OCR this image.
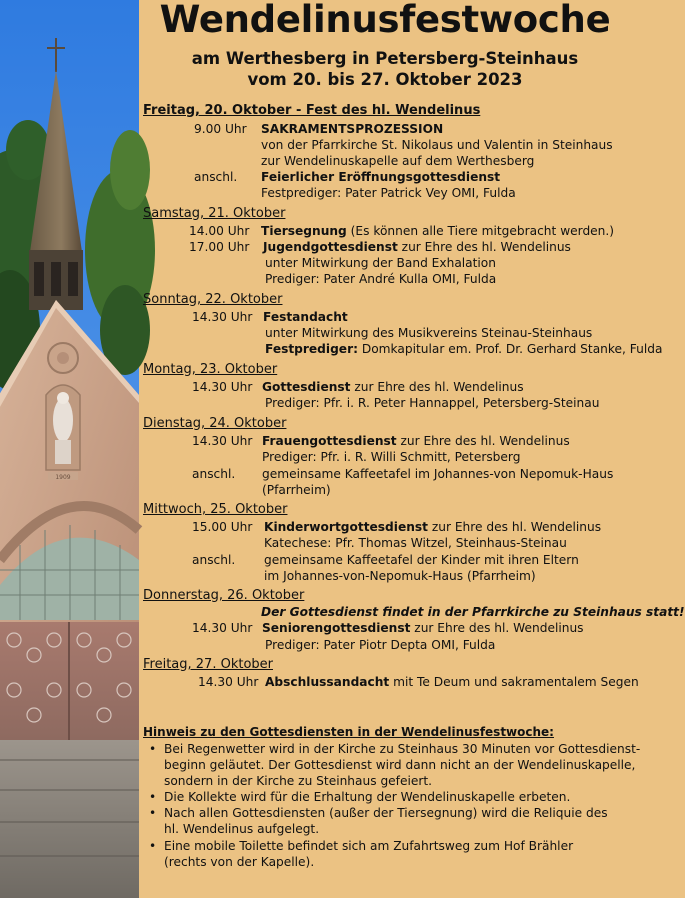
1909
Wendelinusfestwoche
am Werthesberg in Petersberg-Steinhaus
vom 20. bis 27. Oktober 2023
Freitag, 20. Oktober - Fest des hl. Wendelinus
9.00 Uhr SAKRAMENTSPROZESSION
von der Pfarrkirche St. Nikolaus und Valentin in Steinhaus
zur Wendelinuskapelle auf dem Werthesberg
anschl. Feierlicher Eröffnungsgottesdienst
Festprediger: Pater Patrick Vey OMI, Fulda
Samstag, 21. Oktober
14.00 Uhr Tiersegnung (Es können alle Tiere mitgebracht werden.)
17.00 Uhr Jugendgottesdienst zur Ehre des hl. Wendelinus
unter Mitwirkung der Band Exhalation
Prediger: Pater André Kulla OMI, Fulda
Sonntag, 22. Oktober
14.30 Uhr Festandacht
unter Mitwirkung des Musikvereins Steinau-Steinhaus
Festprediger: Domkapitular em. Prof. Dr. Gerhard Stanke, Fulda
Montag, 23. Oktober
14.30 Uhr Gottesdienst zur Ehre des hl. Wendelinus
Prediger: Pfr. i. R. Peter Hannappel, Petersberg-Steinau
Dienstag, 24. Oktober
14.30 Uhr Frauengottesdienst zur Ehre des hl. Wendelinus
Prediger: Pfr. i. R. Willi Schmitt, Petersberg
anschl. gemeinsame Kaffeetafel im Johannes-von Nepomuk-Haus
(Pfarrheim)
Mittwoch, 25. Oktober
15.00 Uhr Kinderwortgottesdienst zur Ehre des hl. Wendelinus
Katechese: Pfr. Thomas Witzel, Steinhaus-Steinau
anschl. gemeinsame Kaffeetafel der Kinder mit ihren Eltern
im Johannes-von-Nepomuk-Haus (Pfarrheim)
Donnerstag, 26. Oktober
Der Gottesdienst findet in der Pfarrkirche zu Steinhaus statt!
14.30 Uhr Seniorengottesdienst zur Ehre des hl. Wendelinus
Prediger: Pater Piotr Depta OMI, Fulda
Freitag, 27. Oktober
14.30 Uhr Abschlussandacht mit Te Deum und sakramentalem Segen
Hinweis zu den Gottesdiensten in der Wendelinusfestwoche:
• Bei Regenwetter wird in der Kirche zu Steinhaus 30 Minuten vor Gottesdienst-
beginn geläutet. Der Gottesdienst wird dann nicht an der Wendelinuskapelle,
sondern in der Kirche zu Steinhaus gefeiert.
• Die Kollekte wird für die Erhaltung der Wendelinuskapelle erbeten.
• Nach allen Gottesdiensten (außer der Tiersegnung) wird die Reliquie des
hl. Wendelinus aufgelegt.
• Eine mobile Toilette befindet sich am Zufahrtsweg zum Hof Brähler
(rechts von der Kapelle).
